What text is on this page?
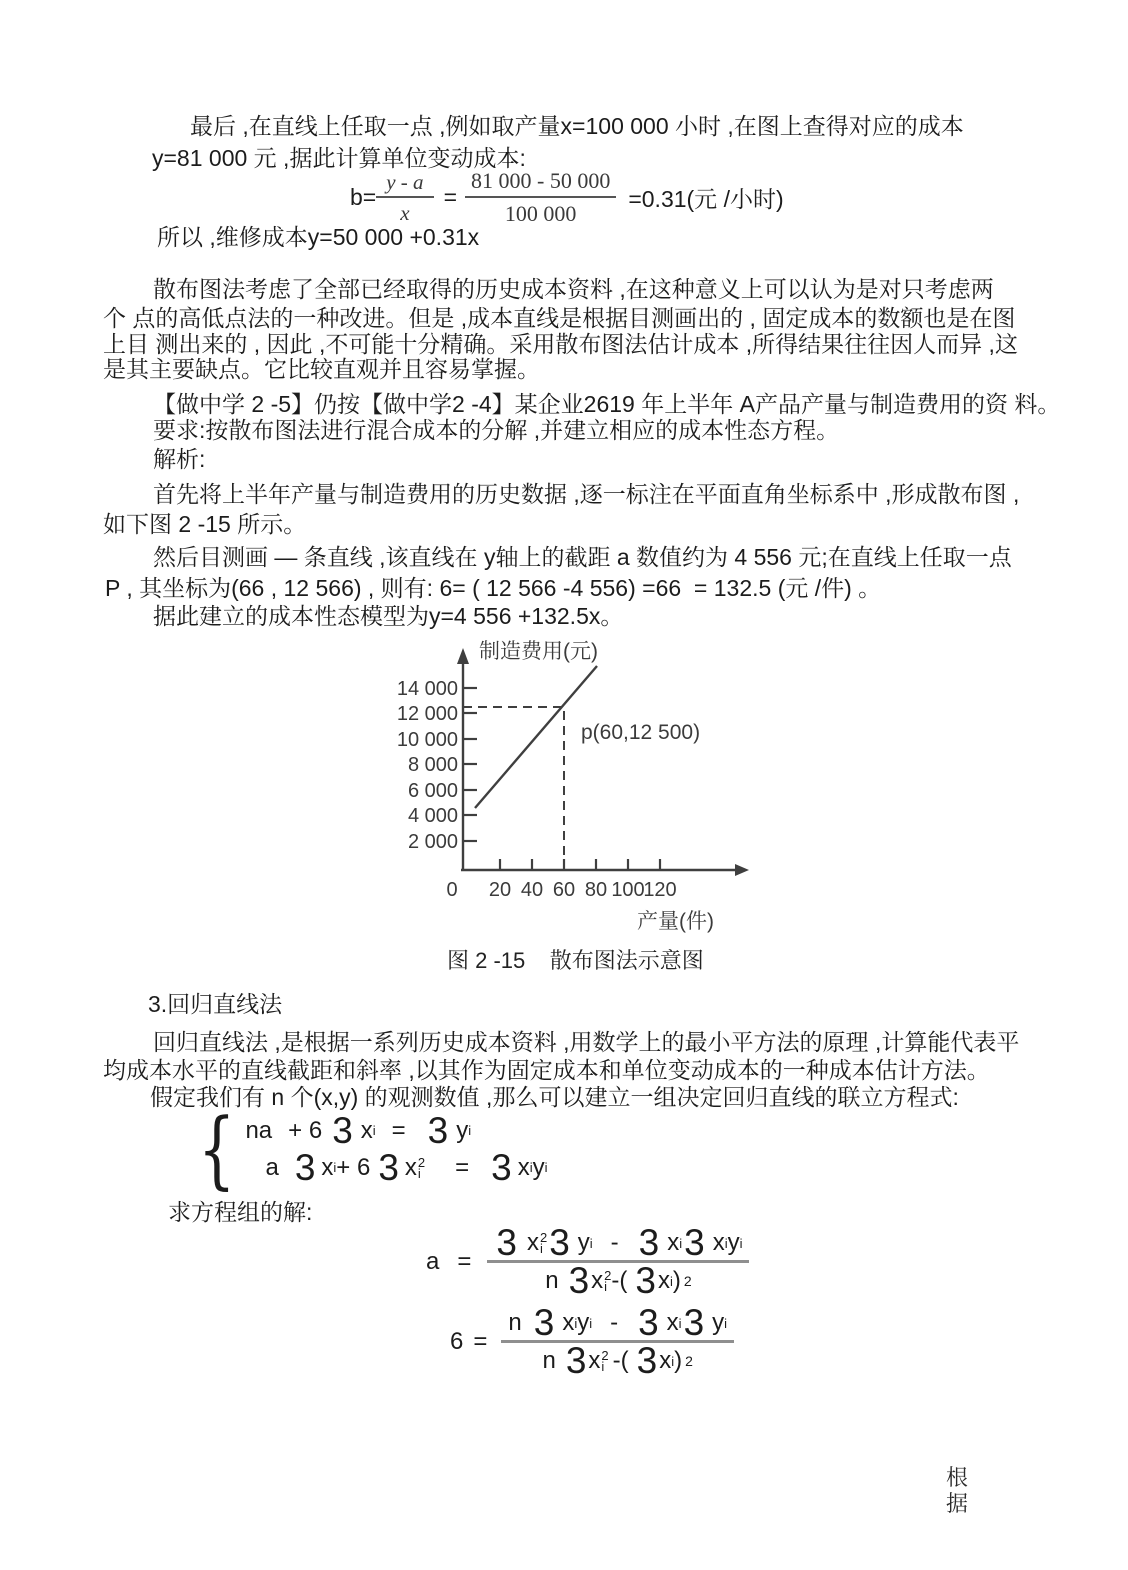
最后 ,在直线上任取一点 ,例如取产量x=100 000 小时 ,在图上查得对应的成本
y=81 000 元 ,据此计算单位变动成本:
$b= \frac{y - a}{x} = \frac{81 000 - 50 000}{100 000} =0.31$(元 /小时)
所以 ,维修成本y=50 000 +0.31x
散布图法考虑了全部已经取得的历史成本资料 ,在这种意义上可以认为是对只考虑两
个 点的高低点法的一种改进。但是 ,成本直线是根据目测画出的 , 固定成本的数额也是在图
上目 测出来的 , 因此 ,不可能十分精确。采用散布图法估计成本 ,所得结果往往因人而异 ,这
是其主要缺点。它比较直观并且容易掌握。
【做中学 2 -5】仍按【做中学2 -4】某企业2619 年上半年 A产品产量与制造费用的资 料。
要求:按散布图法进行混合成本的分解 ,并建立相应的成本性态方程。
解析:
首先将上半年产量与制造费用的历史数据 ,逐一标注在平面直角坐标系中 ,形成散布图 ,
如下图 2 -15 所示。
然后目测画 — 条直线 ,该直线在 y轴上的截距 a 数值约为 4 556 元;在直线上任取一点
P , 其坐标为(66 , 12 566) , 则有: 6= ( 12 566 -4 556) =66  = 132.5 (元 /件) 。
据此建立的成本性态模型为y=4 556 +132.5x。
14 000
12 000
10 000
8 000
6 000
4 000
2 000
0 20 40 60 80 100
120
制造费用(元)
产量(件)
p(60,12 500)
图 2 -15    散布图法示意图
3.回归直线法
回归直线法 ,是根据一系列历史成本资料 ,用数学上的最小平方法的原理 ,计算能代表平
均成本水平的直线截距和斜率 ,以其作为固定成本和单位变动成本的一种成本估计方法。
假定我们有 n 个(x,y) 的观测数值 ,那么可以建立一组决定回归直线的联立方程式:
{ na + 6 3 x i = 3 y i
a 3 x i + 6 3 x 2
i = 3 x i y i
求方程组的解:
a = 3 x 2
i 3 y i - 3 x i 3 x i y i
n 3 x 2
i -( 3 x i ) 2
6 =
n 3 x i y i - 3 x i 3 y i
n 3 x 2
i -( 3 x i ) 2
根
据
